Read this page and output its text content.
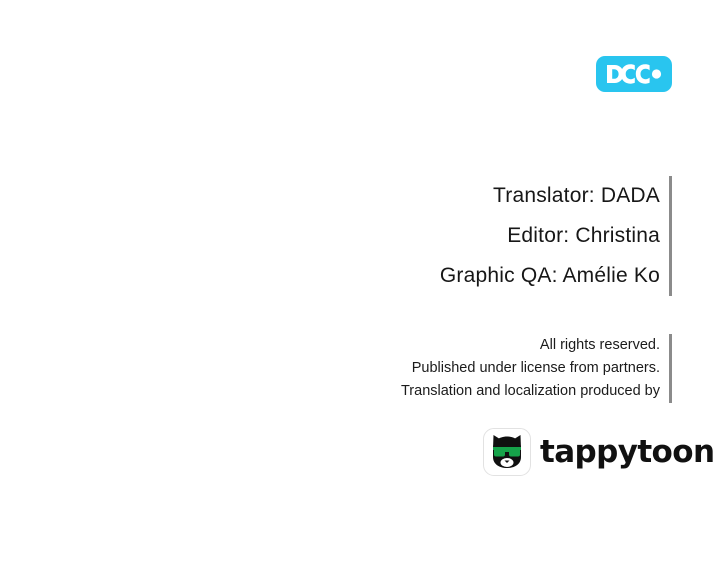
Translator: DADA
Editor: Christina
Graphic QA: Amélie Ko
All rights reserved.
Published under license from partners.
Translation and localization produced by
tappytoon
